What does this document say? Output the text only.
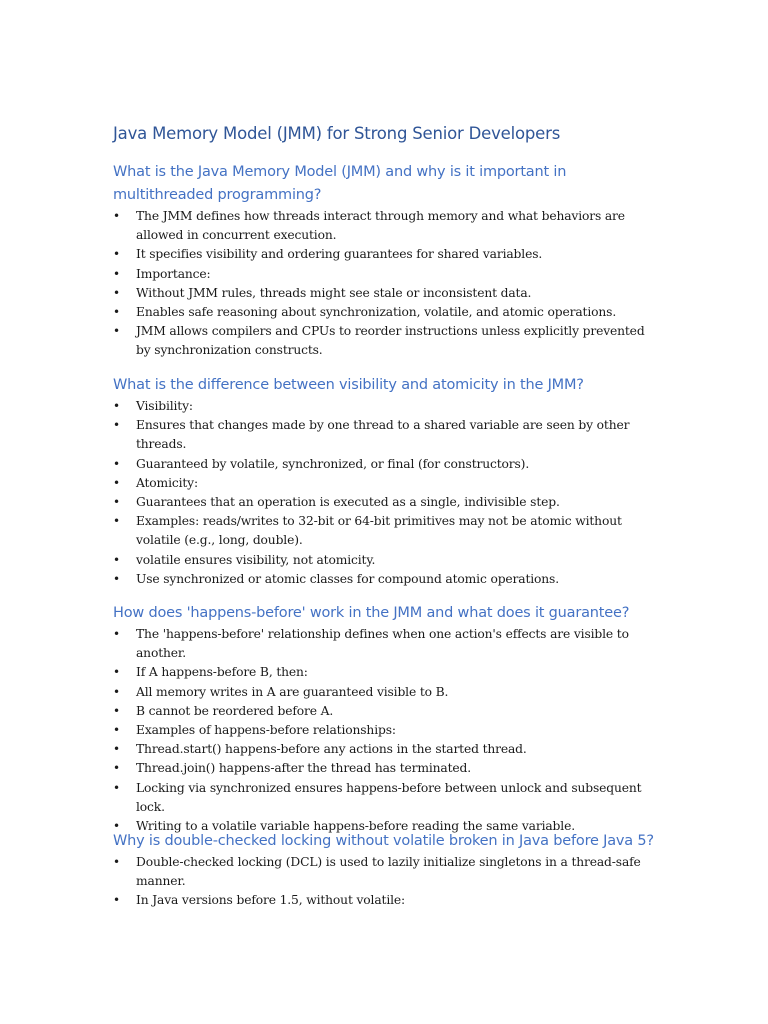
Java Memory Model (JMM) for Strong Senior Developers
What is the Java Memory Model (JMM) and why is it important in multithreaded programming?
• The JMM defines how threads interact through memory and what behaviors are allowed in concurrent execution.
• It specifies visibility and ordering guarantees for shared variables.
• Importance:
• Without JMM rules, threads might see stale or inconsistent data.
• Enables safe reasoning about synchronization, volatile, and atomic operations.
• JMM allows compilers and CPUs to reorder instructions unless explicitly prevented by synchronization constructs.
What is the difference between visibility and atomicity in the JMM?
• Visibility:
• Ensures that changes made by one thread to a shared variable are seen by other threads.
• Guaranteed by volatile, synchronized, or final (for constructors).
• Atomicity:
• Guarantees that an operation is executed as a single, indivisible step.
• Examples: reads/writes to 32-bit or 64-bit primitives may not be atomic without volatile (e.g., long, double).
• volatile ensures visibility, not atomicity.
• Use synchronized or atomic classes for compound atomic operations.
How does 'happens-before' work in the JMM and what does it guarantee?
• The 'happens-before' relationship defines when one action's effects are visible to another.
• If A happens-before B, then:
• All memory writes in A are guaranteed visible to B.
• B cannot be reordered before A.
• Examples of happens-before relationships:
• Thread.start() happens-before any actions in the started thread.
• Thread.join() happens-after the thread has terminated.
• Locking via synchronized ensures happens-before between unlock and subsequent lock.
• Writing to a volatile variable happens-before reading the same variable.
Why is double-checked locking without volatile broken in Java before Java 5?
• Double-checked locking (DCL) is used to lazily initialize singletons in a thread-safe manner.
• In Java versions before 1.5, without volatile:
